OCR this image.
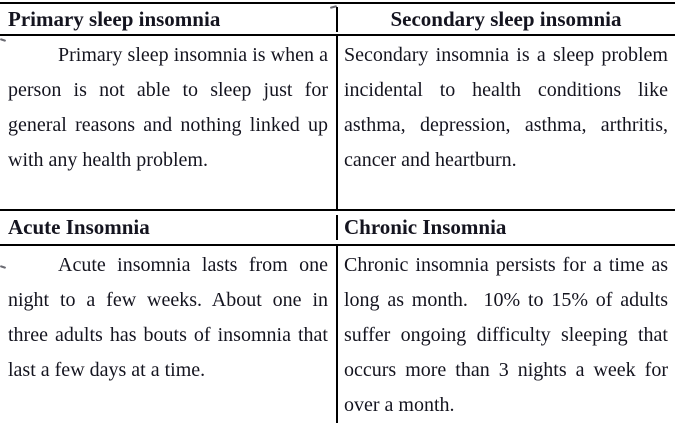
Primary sleep insomnia	Secondary sleep insomnia

Primary sleep insomnia is when a person is not able to sleep just for general reasons and nothing linked up with any health problem.

Secondary insomnia is a sleep problem incidental to health conditions like asthma, depression, asthma, arthritis, cancer and heartburn.

Acute Insomnia	Chronic Insomnia

Acute insomnia lasts from one night to a few weeks. About one in three adults has bouts of insomnia that last a few days at a time.

Chronic insomnia persists for a time as long as month.  10% to 15% of adults suffer ongoing difficulty sleeping that occurs more than 3 nights a week for over a month.
